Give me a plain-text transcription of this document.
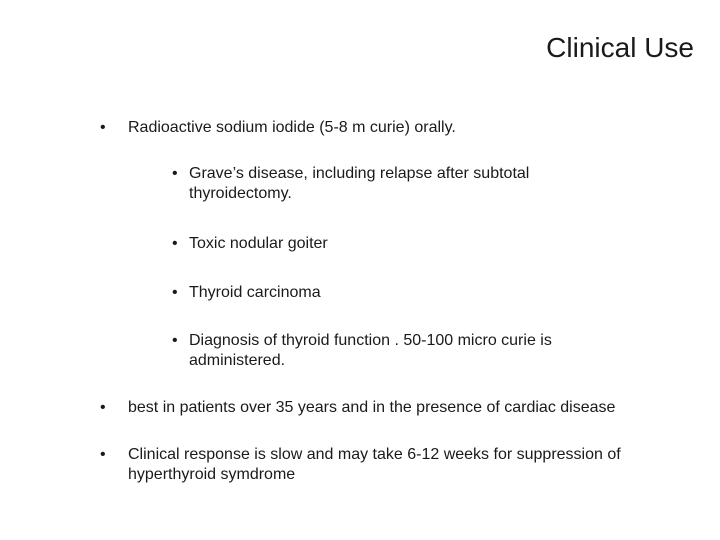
Clinical Use
•	Radioactive sodium iodide (5-8 m curie) orally.
• Grave’s disease, including relapse after subtotal thyroidectomy.
• Toxic nodular goiter
• Thyroid carcinoma
• Diagnosis of thyroid function . 50-100 micro curie is administered.
•	best in patients over 35 years and in the presence of cardiac disease
•	Clinical response is slow and may take 6-12 weeks for suppression of hyperthyroid symdrome
